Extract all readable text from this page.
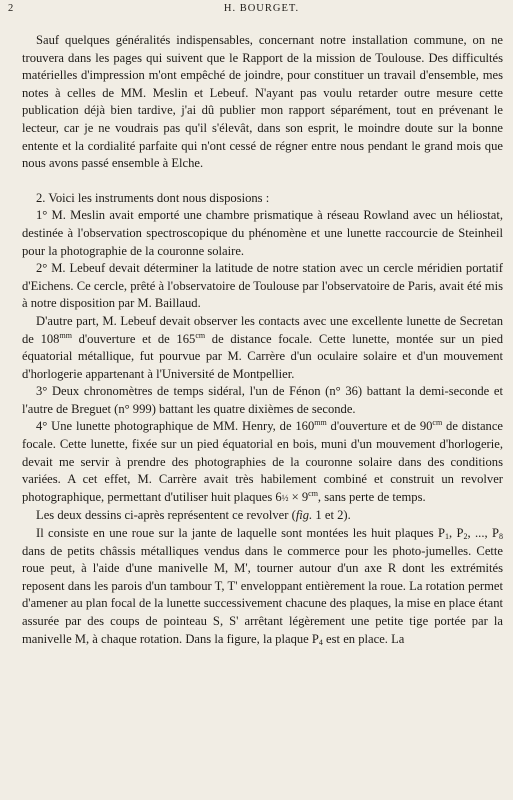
2	H. BOURGET.

Sauf quelques généralités indispensables, concernant notre installation commune, on ne trouvera dans les pages qui suivent que le Rapport de la mission de Toulouse. Des difficultés matérielles d'impression m'ont empêché de joindre, pour constituer un travail d'ensemble, mes notes à celles de MM. Meslin et Lebeuf. N'ayant pas voulu retarder outre mesure cette publication déjà bien tardive, j'ai dû publier mon rapport séparément, tout en prévenant le lecteur, car je ne voudrais pas qu'il s'élevât, dans son esprit, le moindre doute sur la bonne entente et la cordialité parfaite qui n'ont cessé de régner entre nous pendant le grand mois que nous avons passé ensemble à Elche.

2. Voici les instruments dont nous disposions :

1° M. Meslin avait emporté une chambre prismatique à réseau Rowland avec un héliostat, destinée à l'observation spectroscopique du phénomène et une lunette raccourcie de Steinheil pour la photographie de la couronne solaire.

2° M. Lebeuf devait déterminer la latitude de notre station avec un cercle méridien portatif d'Eichens. Ce cercle, prêté à l'observatoire de Toulouse par l'observatoire de Paris, avait été mis à notre disposition par M. Baillaud.

D'autre part, M. Lebeuf devait observer les contacts avec une excellente lunette de Secretan de $108^{mm}$ d'ouverture et de $165^{cm}$ de distance focale. Cette lunette, montée sur un pied équatorial métallique, fut pourvue par M. Carrère d'un oculaire solaire et d'un mouvement d'horlogerie appartenant à l'Université de Montpellier.

3° Deux chronomètres de temps sidéral, l'un de Fénon (n° 36) battant la demi-seconde et l'autre de Breguet (n° 999) battant les quatre dixièmes de seconde.

4° Une lunette photographique de MM. Henry, de $160^{mm}$ d'ouverture et de $90^{cm}$ de distance focale. Cette lunette, fixée sur un pied équatorial en bois, muni d'un mouvement d'horlogerie, devait me servir à prendre des photographies de la couronne solaire dans des conditions variées. A cet effet, M. Carrère avait très habilement combiné et construit un revolver photographique, permettant d'utiliser huit plaques 6½ × $9^{cm}$, sans perte de temps.

Les deux dessins ci-après représentent ce revolver (fig. 1 et 2).

Il consiste en une roue sur la jante de laquelle sont montées les huit plaques $P_1$, $P_2$, ..., $P_8$ dans de petits châssis métalliques vendus dans le commerce pour les photo-jumelles. Cette roue peut, à l'aide d'une manivelle M, M', tourner autour d'un axe R dont les extrémités reposent dans les parois d'un tambour T, T' enveloppant entièrement la roue. La rotation permet d'amener au plan focal de la lunette successivement chacune des plaques, la mise en place étant assurée par des coups de pointeau S, S' arrêtant légèrement une petite tige portée par la manivelle M, à chaque rotation. Dans la figure, la plaque $P_4$ est en place. La
